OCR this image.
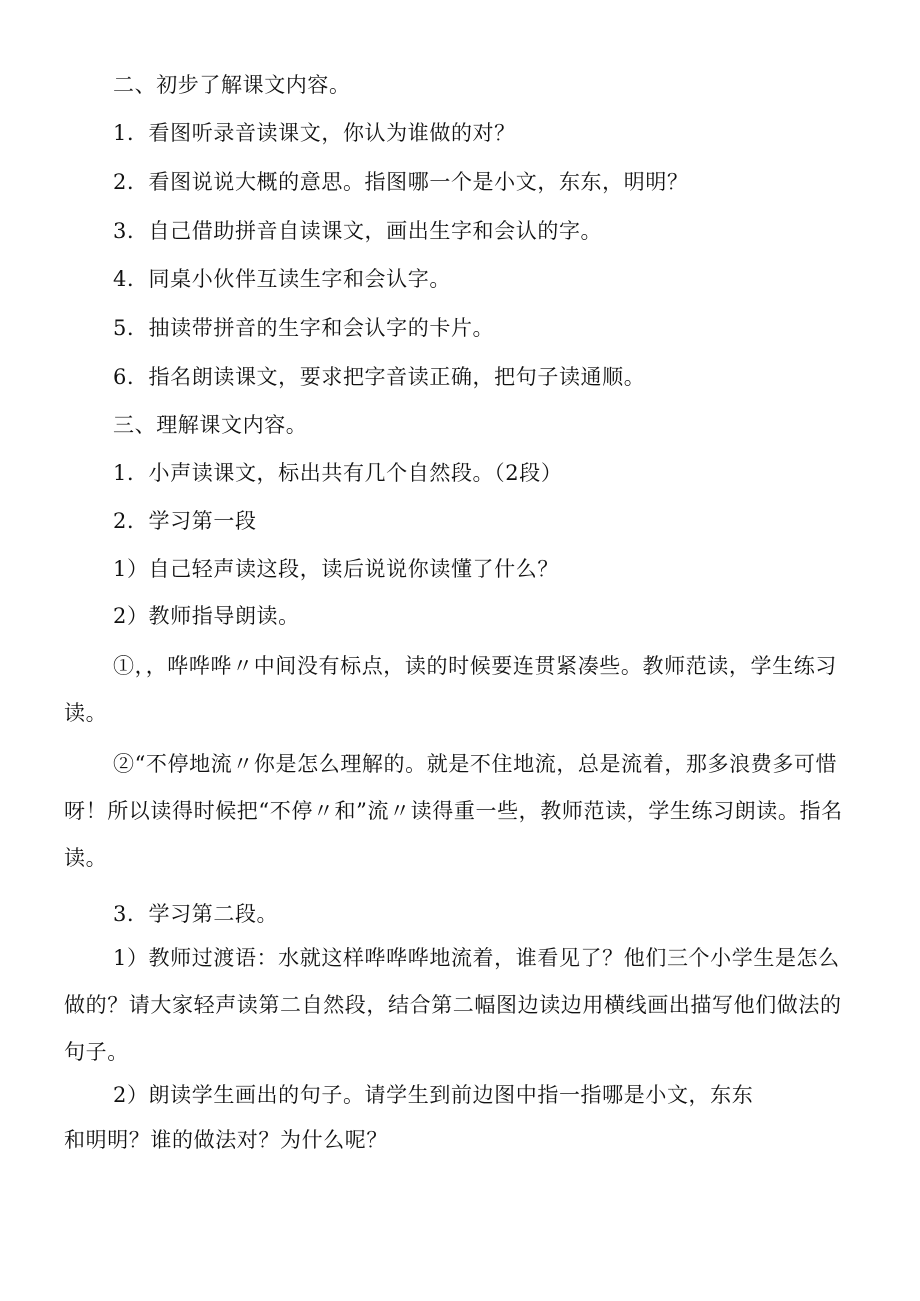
二、初步了解课文内容。
1．看图听录音读课文，你认为谁做的对？
2．看图说说大概的意思。指图哪一个是小文，东东，明明？
3．自己借助拼音自读课文，画出生字和会认的字。
4．同桌小伙伴互读生字和会认字。
5．抽读带拼音的生字和会认字的卡片。
6．指名朗读课文，要求把字音读正确，把句子读通顺。
三、理解课文内容。
1．小声读课文，标出共有几个自然段。（2段）
2．学习第一段
1）自己轻声读这段，读后说说你读懂了什么？
2）教师指导朗读。
①，，哗哗哗〃中间没有标点，读的时候要连贯紧凑些。教师范读，学生练习读。
②“不停地流〃你是怎么理解的。就是不住地流，总是流着，那多浪费多可惜呀！所以读得时候把“不停〃和”流〃读得重一些，教师范读，学生练习朗读。指名读。
3．学习第二段。
1）教师过渡语：水就这样哗哗哗地流着，谁看见了？他们三个小学生是怎么做的？请大家轻声读第二自然段，结合第二幅图边读边用横线画出描写他们做法的句子。
2）朗读学生画出的句子。请学生到前边图中指一指哪是小文，东东
和明明？谁的做法对？为什么呢？
